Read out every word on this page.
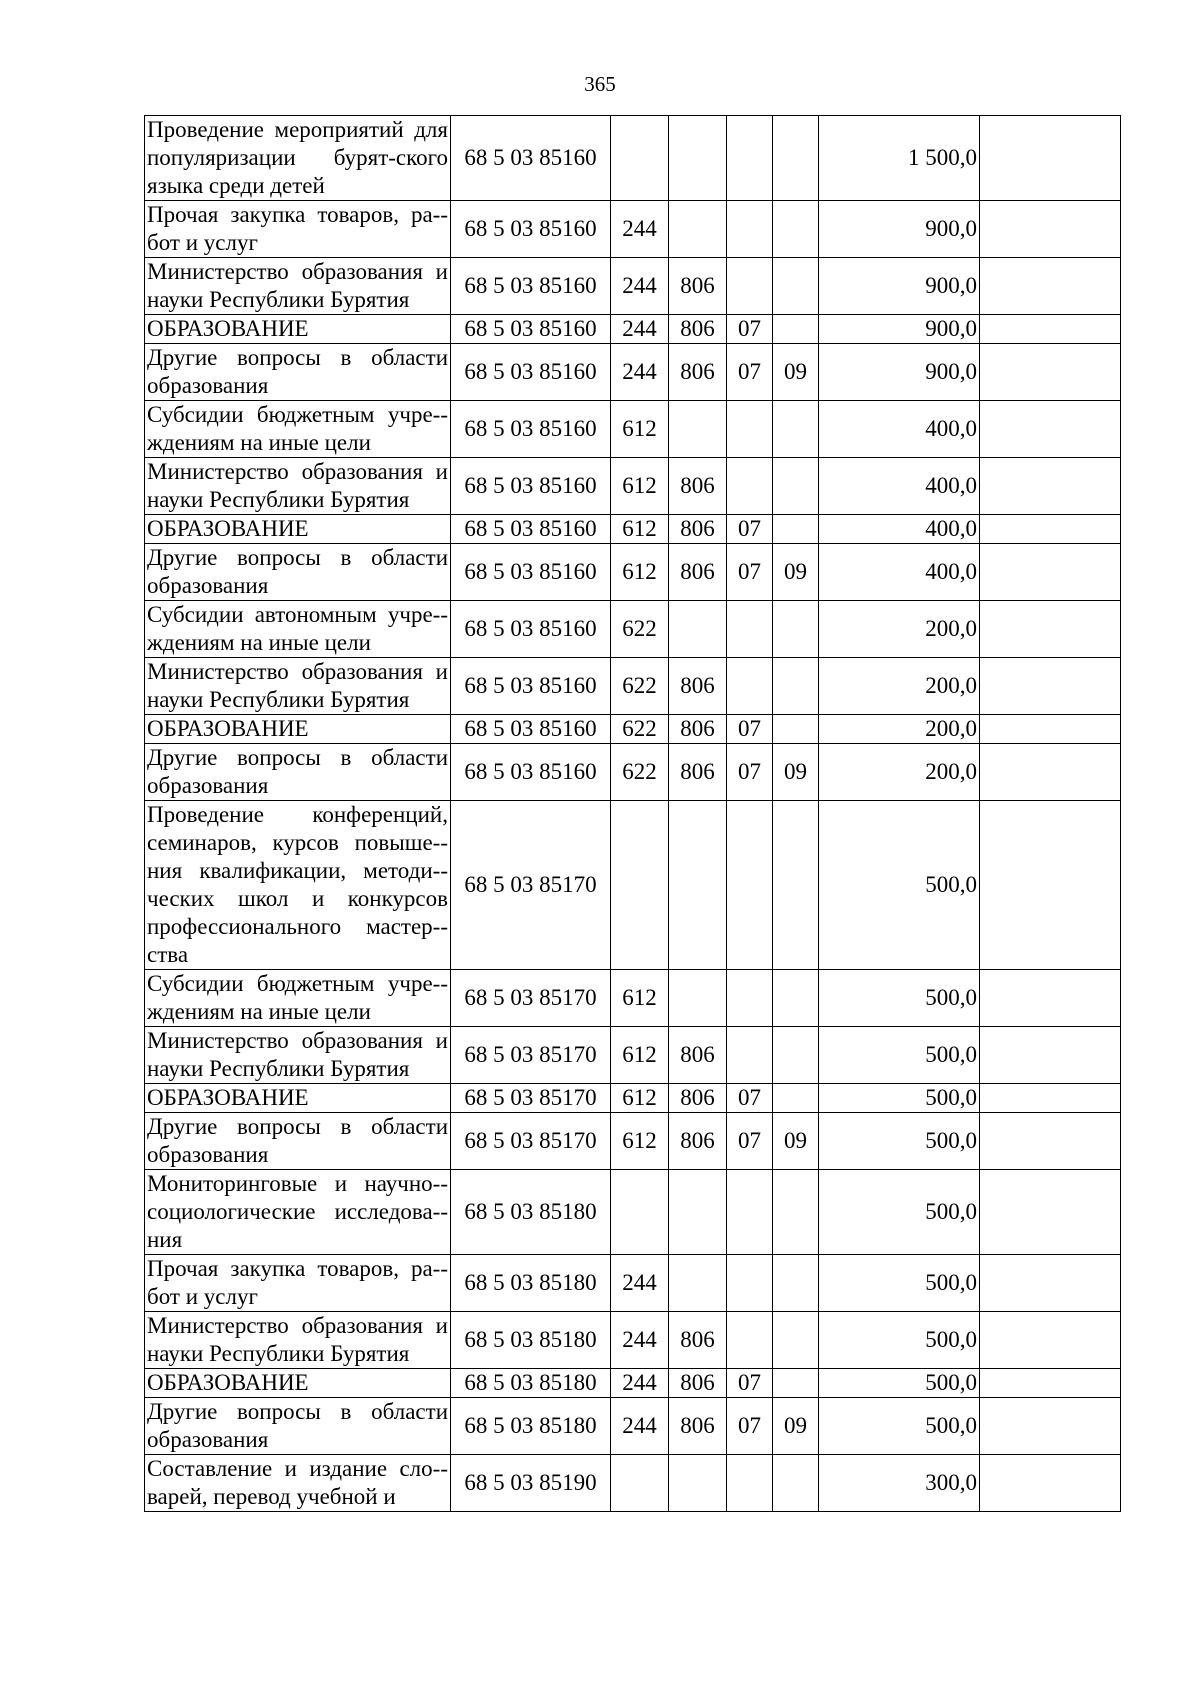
365
Проведение мероприятий для популяризации бурят-ского языка среди детей	68 5 03 85160					1 500,0	
Прочая закупка товаров, ра-бот и услуг	68 5 03 85160	244				900,0	
Министерство образования и науки Республики Бурятия	68 5 03 85160	244	806			900,0	
ОБРАЗОВАНИЕ	68 5 03 85160	244	806	07		900,0	
Другие вопросы в области образования	68 5 03 85160	244	806	07	09	900,0	
Субсидии бюджетным учре-ждениям на иные цели	68 5 03 85160	612				400,0	
Министерство образования и науки Республики Бурятия	68 5 03 85160	612	806			400,0	
ОБРАЗОВАНИЕ	68 5 03 85160	612	806	07		400,0	
Другие вопросы в области образования	68 5 03 85160	612	806	07	09	400,0	
Субсидии автономным учре-ждениям на иные цели	68 5 03 85160	622				200,0	
Министерство образования и науки Республики Бурятия	68 5 03 85160	622	806			200,0	
ОБРАЗОВАНИЕ	68 5 03 85160	622	806	07		200,0	
Другие вопросы в области образования	68 5 03 85160	622	806	07	09	200,0	
Проведение конференций, семинаров, курсов повыше-ния квалификации, методи-ческих школ и конкурсов профессионального мастер-ства	68 5 03 85170					500,0	
Субсидии бюджетным учре-ждениям на иные цели	68 5 03 85170	612				500,0	
Министерство образования и науки Республики Бурятия	68 5 03 85170	612	806			500,0	
ОБРАЗОВАНИЕ	68 5 03 85170	612	806	07		500,0	
Другие вопросы в области образования	68 5 03 85170	612	806	07	09	500,0	
Мониторинговые и научно-социологические исследова-ния	68 5 03 85180					500,0	
Прочая закупка товаров, ра-бот и услуг	68 5 03 85180	244				500,0	
Министерство образования и науки Республики Бурятия	68 5 03 85180	244	806			500,0	
ОБРАЗОВАНИЕ	68 5 03 85180	244	806	07		500,0	
Другие вопросы в области образования	68 5 03 85180	244	806	07	09	500,0	
Составление и издание сло-варей, перевод учебной и	68 5 03 85190					300,0	
